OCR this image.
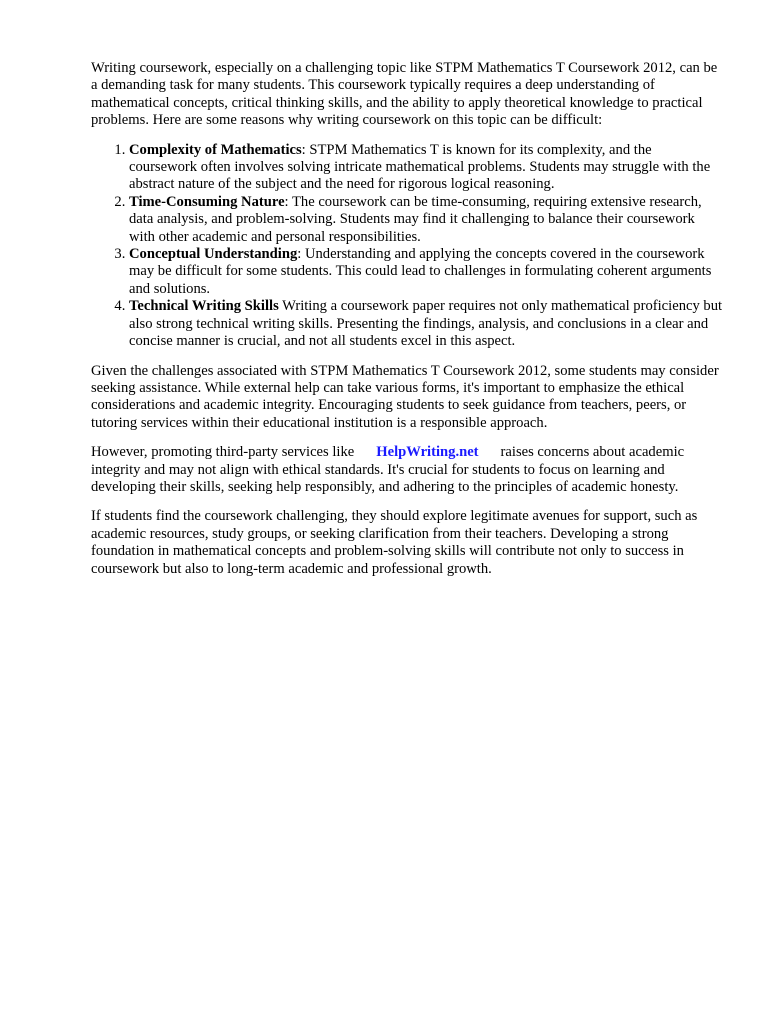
Writing coursework, especially on a challenging topic like STPM Mathematics T Coursework 2012, can be a demanding task for many students. This coursework typically requires a deep understanding of mathematical concepts, critical thinking skills, and the ability to apply theoretical knowledge to practical problems. Here are some reasons why writing coursework on this topic can be difficult:

1. Complexity of Mathematics: STPM Mathematics T is known for its complexity, and the coursework often involves solving intricate mathematical problems. Students may struggle with the abstract nature of the subject and the need for rigorous logical reasoning.
2. Time-Consuming Nature: The coursework can be time-consuming, requiring extensive research, data analysis, and problem-solving. Students may find it challenging to balance their coursework with other academic and personal responsibilities.
3. Conceptual Understanding: Understanding and applying the concepts covered in the coursework may be difficult for some students. This could lead to challenges in formulating coherent arguments and solutions.
4. Technical Writing Skills Writing a coursework paper requires not only mathematical proficiency but also strong technical writing skills. Presenting the findings, analysis, and conclusions in a clear and concise manner is crucial, and not all students excel in this aspect.

Given the challenges associated with STPM Mathematics T Coursework 2012, some students may consider seeking assistance. While external help can take various forms, it's important to emphasize the ethical considerations and academic integrity. Encouraging students to seek guidance from teachers, peers, or tutoring services within their educational institution is a responsible approach.

However, promoting third-party services like HelpWriting.net raises concerns about academic integrity and may not align with ethical standards. It's crucial for students to focus on learning and developing their skills, seeking help responsibly, and adhering to the principles of academic honesty.

If students find the coursework challenging, they should explore legitimate avenues for support, such as academic resources, study groups, or seeking clarification from their teachers. Developing a strong foundation in mathematical concepts and problem-solving skills will contribute not only to success in coursework but also to long-term academic and professional growth.
